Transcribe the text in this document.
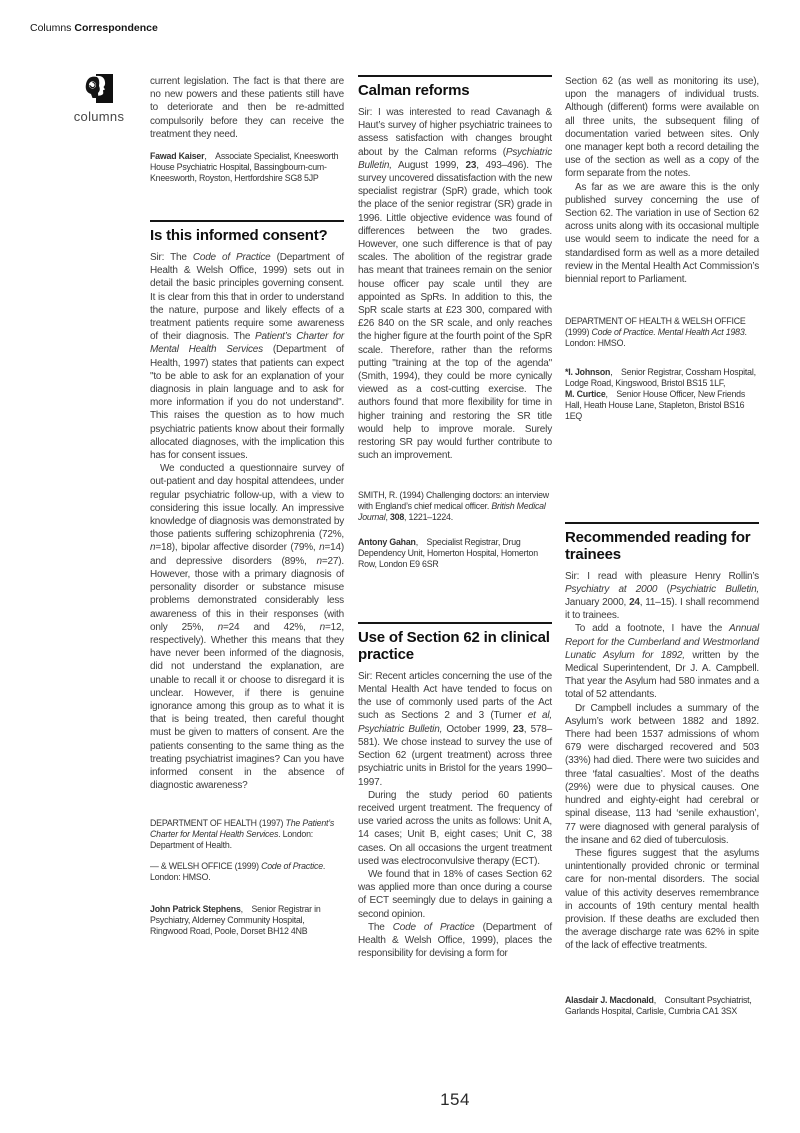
Columns Correspondence
columns

current legislation. The fact is that there are no new powers and these patients still have to deteriorate and then be re-admitted compulsorily before they can receive the treatment they need.

Fawad Kaiser, Associate Specialist, Kneesworth House Psychiatric Hospital, Bassingbourn-cum-Kneesworth, Royston, Hertfordshire SG8 5JP

Is this informed consent?

Sir: The Code of Practice (Department of Health & Welsh Office, 1999) sets out in detail the basic principles governing consent. It is clear from this that in order to understand the nature, purpose and likely effects of a treatment patients require some awareness of their diagnosis. The Patient’s Charter for Mental Health Services (Department of Health, 1997) states that patients can expect "to be able to ask for an explanation of your diagnosis in plain language and to ask for more information if you do not understand". This raises the question as to how much psychiatric patients know about their formally allocated diagnoses, with the implication this has for consent issues.

We conducted a questionnaire survey of out-patient and day hospital attendees, under regular psychiatric follow-up, with a view to considering this issue locally. An impressive knowledge of diagnosis was demonstrated by those patients suffering schizophrenia (72%, n=18), bipolar affective disorder (79%, n=14) and depressive disorders (89%, n=27). However, those with a primary diagnosis of personality disorder or substance misuse problems demonstrated considerably less awareness of this in their responses (with only 25%, n=24 and 42%, n=12, respectively). Whether this means that they have never been informed of the diagnosis, did not understand the explanation, are unable to recall it or choose to disregard it is unclear. However, if there is genuine ignorance among this group as to what it is that is being treated, then careful thought must be given to matters of consent. Are the patients consenting to the same thing as the treating psychiatrist imagines? Can you have informed consent in the absence of diagnostic awareness?

DEPARTMENT OF HEALTH (1997) The Patient’s Charter for Mental Health Services. London: Department of Health.

— & WELSH OFFICE (1999) Code of Practice. London: HMSO.

John Patrick Stephens, Senior Registrar in Psychiatry, Alderney Community Hospital, Ringwood Road, Poole, Dorset BH12 4NB

Calman reforms

Sir: I was interested to read Cavanagh & Haut’s survey of higher psychiatric trainees to assess satisfaction with changes brought about by the Calman reforms (Psychiatric Bulletin, August 1999, 23, 493–496). The survey uncovered dissatisfaction with the new specialist registrar (SpR) grade, which took the place of the senior registrar (SR) grade in 1996. Little objective evidence was found of differences between the two grades. However, one such difference is that of pay scales. The abolition of the registrar grade has meant that trainees remain on the senior house officer pay scale until they are appointed as SpRs. In addition to this, the SpR scale starts at £23 300, compared with £26 840 on the SR scale, and only reaches the higher figure at the fourth point of the SpR scale. Therefore, rather than the reforms putting "training at the top of the agenda" (Smith, 1994), they could be more cynically viewed as a cost-cutting exercise. The authors found that more flexibility for time in higher training and restoring the SR title would help to improve morale. Surely restoring SR pay would further contribute to such an improvement.

SMITH, R. (1994) Challenging doctors: an interview with England’s chief medical officer. British Medical Journal, 308, 1221–1224.

Antony Gahan, Specialist Registrar, Drug Dependency Unit, Homerton Hospital, Homerton Row, London E9 6SR

Use of Section 62 in clinical practice

Sir: Recent articles concerning the use of the Mental Health Act have tended to focus on the use of commonly used parts of the Act such as Sections 2 and 3 (Turner et al, Psychiatric Bulletin, October 1999, 23, 578–581). We chose instead to survey the use of Section 62 (urgent treatment) across three psychiatric units in Bristol for the years 1990–1997.

During the study period 60 patients received urgent treatment. The frequency of use varied across the units as follows: Unit A, 14 cases; Unit B, eight cases; Unit C, 38 cases. On all occasions the urgent treatment used was electroconvulsive therapy (ECT).

We found that in 18% of cases Section 62 was applied more than once during a course of ECT seemingly due to delays in gaining a second opinion.

The Code of Practice (Department of Health & Welsh Office, 1999), places the responsibility for devising a form for

Section 62 (as well as monitoring its use), upon the managers of individual trusts. Although (different) forms were available on all three units, the subsequent filing of documentation varied between sites. Only one manager kept both a record detailing the use of the section as well as a copy of the form separate from the notes.

As far as we are aware this is the only published survey concerning the use of Section 62. The variation in use of Section 62 across units along with its occasional multiple use would seem to indicate the need for a standardised form as well as a more detailed review in the Mental Health Act Commission’s biennial report to Parliament.

DEPARTMENT OF HEALTH & WELSH OFFICE (1999) Code of Practice. Mental Health Act 1983. London: HMSO.

*I. Johnson, Senior Registrar, Cossham Hospital, Lodge Road, Kingswood, Bristol BS15 1LF,
M. Curtice, Senior House Officer, New Friends Hall, Heath House Lane, Stapleton, Bristol BS16 1EQ

Recommended reading for trainees

Sir: I read with pleasure Henry Rollin’s Psychiatry at 2000 (Psychiatric Bulletin, January 2000, 24, 11–15). I shall recommend it to trainees.

To add a footnote, I have the Annual Report for the Cumberland and Westmorland Lunatic Asylum for 1892, written by the Medical Superintendent, Dr J. A. Campbell. That year the Asylum had 580 inmates and a total of 52 attendants.

Dr Campbell includes a summary of the Asylum’s work between 1882 and 1892. There had been 1537 admissions of whom 679 were discharged recovered and 503 (33%) had died. There were two suicides and three ‘fatal casualties’. Most of the deaths (29%) were due to physical causes. One hundred and eighty-eight had cerebral or spinal disease, 113 had ‘senile exhaustion’, 77 were diagnosed with general paralysis of the insane and 62 died of tuberculosis.

These figures suggest that the asylums unintentionally provided chronic or terminal care for non-mental disorders. The social value of this activity deserves remembrance in accounts of 19th century mental health provision. If these deaths are excluded then the average discharge rate was 62% in spite of the lack of effective treatments.

Alasdair J. Macdonald, Consultant Psychiatrist, Garlands Hospital, Carlisle, Cumbria CA1 3SX

154
